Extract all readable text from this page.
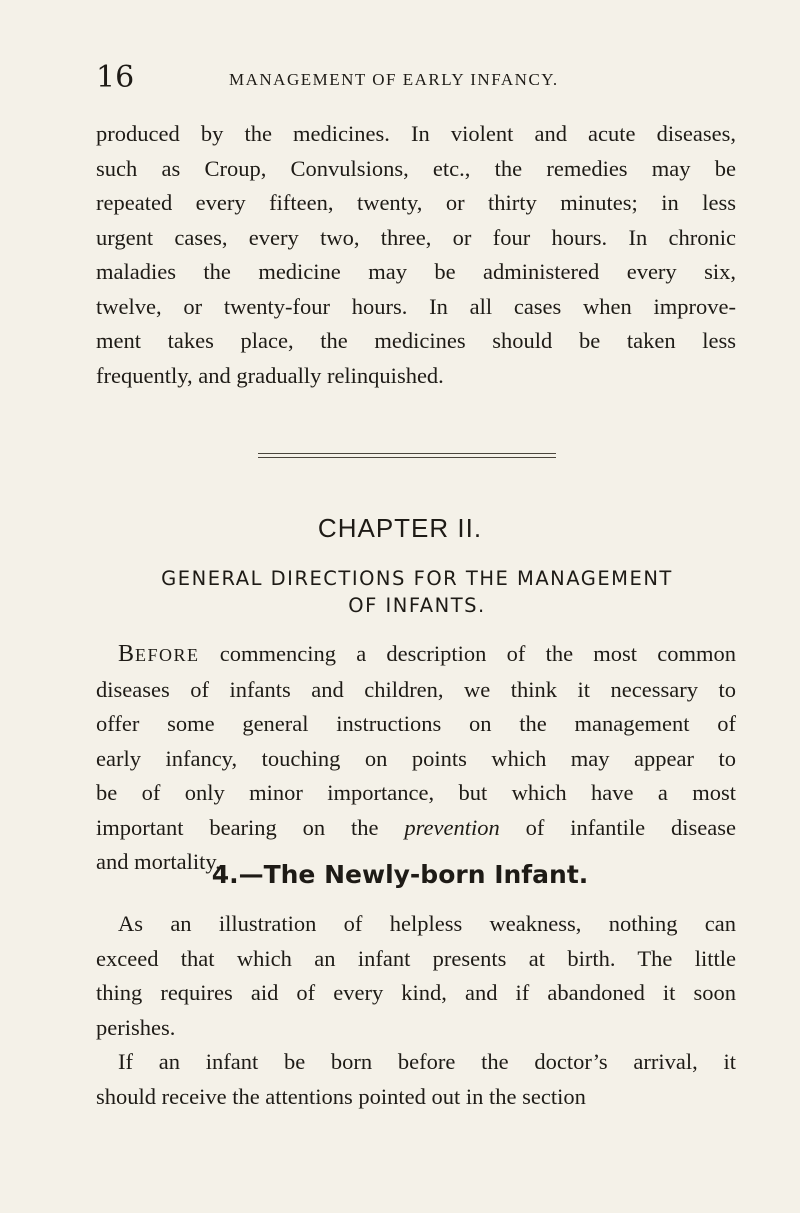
16	MANAGEMENT OF EARLY INFANCY.
produced by the medicines. In violent and acute diseases,
such as Croup, Convulsions, etc., the remedies may be
repeated every fifteen, twenty, or thirty minutes; in less
urgent cases, every two, three, or four hours. In chronic
maladies the medicine may be administered every six,
twelve, or twenty-four hours. In all cases when improve-
ment takes place, the medicines should be taken less
frequently, and gradually relinquished.
CHAPTER II.
GENERAL DIRECTIONS FOR THE MANAGEMENT
OF INFANTS.
BEFORE commencing a description of the most common
diseases of infants and children, we think it necessary to
offer some general instructions on the management of
early infancy, touching on points which may appear to
be of only minor importance, but which have a most
important bearing on the prevention of infantile disease
and mortality.
4.—The Newly-born Infant.
As an illustration of helpless weakness, nothing can
exceed that which an infant presents at birth. The little
thing requires aid of every kind, and if abandoned it soon
perishes.
If an infant be born before the doctor’s arrival, it
should receive the attentions pointed out in the section
